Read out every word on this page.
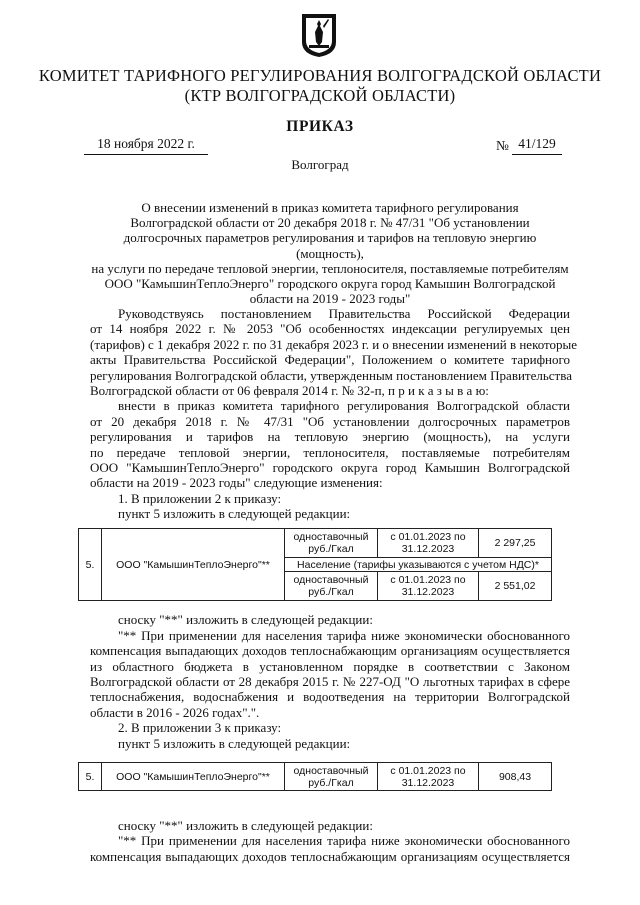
КОМИТЕТ ТАРИФНОГО РЕГУЛИРОВАНИЯ ВОЛГОГРАДСКОЙ ОБЛАСТИ
(КТР ВОЛГОГРАДСКОЙ ОБЛАСТИ)
ПРИКАЗ
18 ноября 2022 г.	№ 41/129
Волгоград
О внесении изменений в приказ комитета тарифного регулирования
Волгоградской области от 20 декабря 2018 г. № 47/31 "Об установлении
долгосрочных параметров регулирования и тарифов на тепловую энергию (мощность),
на услуги по передаче тепловой энергии, теплоносителя, поставляемые потребителям
ООО "КамышинТеплоЭнерго" городского округа город Камышин Волгоградской
области на 2019 - 2023 годы"
Руководствуясь постановлением Правительства Российской Федерации
от 14 ноября 2022 г. № 2053 "Об особенностях индексации регулируемых цен
(тарифов) с 1 декабря 2022 г. по 31 декабря 2023 г. и о внесении изменений в некоторые
акты Правительства Российской Федерации", Положением о комитете тарифного
регулирования Волгоградской области, утвержденным постановлением Правительства
Волгоградской области от 06 февраля 2014 г. № 32-п, п р и к а з ы в а ю:
внести в приказ комитета тарифного регулирования Волгоградской области
от 20 декабря 2018 г. № 47/31 "Об установлении долгосрочных параметров
регулирования и тарифов на тепловую энергию (мощность), на услуги
по передаче тепловой энергии, теплоносителя, поставляемые потребителям
ООО "КамышинТеплоЭнерго" городского округа город Камышин Волгоградской
области на 2019 - 2023 годы" следующие изменения:
1. В приложении 2 к приказу:
пункт 5 изложить в следующей редакции:
5.	ООО "КамышинТеплоЭнерго"**	одноставочный руб./Гкал	с 01.01.2023 по 31.12.2023	2 297,25
		Население (тарифы указываются с учетом НДС)*		
		одноставочный руб./Гкал	с 01.01.2023 по 31.12.2023	2 551,02
сноску "**" изложить в следующей редакции:
"** При применении для населения тарифа ниже экономически обоснованного
компенсация выпадающих доходов теплоснабжающим организациям осуществляется
из областного бюджета в установленном порядке в соответствии с Законом
Волгоградской области от 28 декабря 2015 г. № 227-ОД "О льготных тарифах в сфере
теплоснабжения, водоснабжения и водоотведения на территории Волгоградской
области в 2016 - 2026 годах".".
2. В приложении 3 к приказу:
пункт 5 изложить в следующей редакции:
5.	ООО "КамышинТеплоЭнерго"**	одноставочный руб./Гкал	с 01.01.2023 по 31.12.2023	908,43
сноску "**" изложить в следующей редакции:
"** При применении для населения тарифа ниже экономически обоснованного
компенсация выпадающих доходов теплоснабжающим организациям осуществляется
